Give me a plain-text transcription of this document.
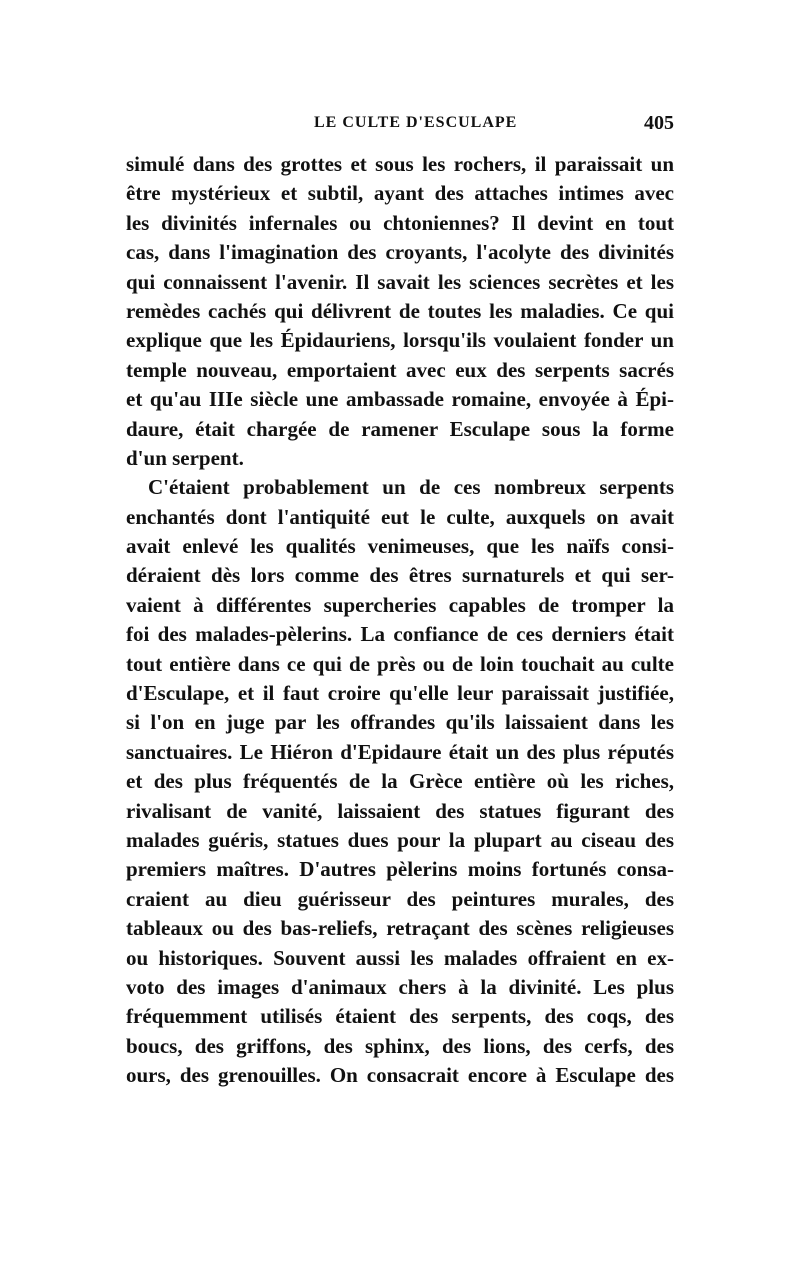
LE CULTE D'ESCULAPE	405
simulé dans des grottes et sous les rochers, il paraissait un
être mystérieux et subtil, ayant des attaches intimes avec
les divinités infernales ou chtoniennes? Il devint en tout
cas, dans l'imagination des croyants, l'acolyte des divinités
qui connaissent l'avenir. Il savait les sciences secrètes et les
remèdes cachés qui délivrent de toutes les maladies. Ce qui
explique que les Épidauriens, lorsqu'ils voulaient fonder un
temple nouveau, emportaient avec eux des serpents sacrés
et qu'au IIIe siècle une ambassade romaine, envoyée à Épi-
daure, était chargée de ramener Esculape sous la forme
d'un serpent.
C'étaient probablement un de ces nombreux serpents
enchantés dont l'antiquité eut le culte, auxquels on avait
avait enlevé les qualités venimeuses, que les naïfs consi-
déraient dès lors comme des êtres surnaturels et qui ser-
vaient à différentes supercheries capables de tromper la
foi des malades-pèlerins. La confiance de ces derniers était
tout entière dans ce qui de près ou de loin touchait au culte
d'Esculape, et il faut croire qu'elle leur paraissait justifiée,
si l'on en juge par les offrandes qu'ils laissaient dans les
sanctuaires. Le Hiéron d'Epidaure était un des plus réputés
et des plus fréquentés de la Grèce entière où les riches,
rivalisant de vanité, laissaient des statues figurant des
malades guéris, statues dues pour la plupart au ciseau des
premiers maîtres. D'autres pèlerins moins fortunés consa-
craient au dieu guérisseur des peintures murales, des
tableaux ou des bas-reliefs, retraçant des scènes religieuses
ou historiques. Souvent aussi les malades offraient en ex-
voto des images d'animaux chers à la divinité. Les plus
fréquemment utilisés étaient des serpents, des coqs, des
boucs, des griffons, des sphinx, des lions, des cerfs, des
ours, des grenouilles. On consacrait encore à Esculape des
